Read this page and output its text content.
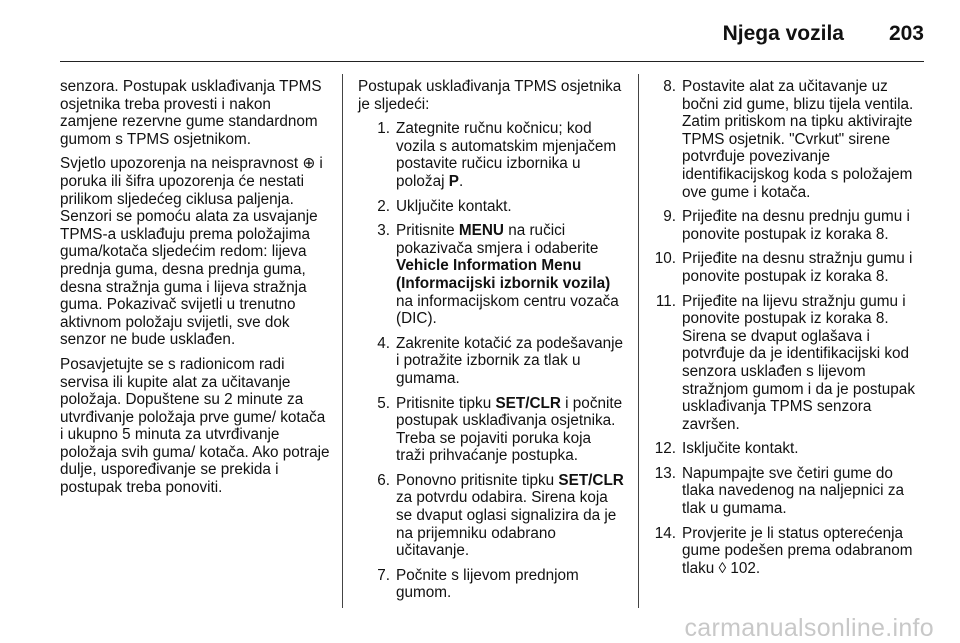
Njega vozila 203

senzora. Postupak usklađivanja TPMS osjetnika treba provesti i nakon zamjene rezervne gume standardnom gumom s TPMS osjetnikom.

Svjetlo upozorenja na neispravnost ⊕ i poruka ili šifra upozorenja će nestati prilikom sljedećeg ciklusa paljenja. Senzori se pomoću alata za usvajanje TPMS-a usklađuju prema položajima guma/kotača sljedećim redom: lijeva prednja guma, desna prednja guma, desna stražnja guma i lijeva stražnja guma. Pokazivač svijetli u trenutno aktivnom položaju svijetli, sve dok senzor ne bude usklađen.

Posavjetujte se s radionicom radi servisa ili kupite alat za učitavanje položaja. Dopuštene su 2 minute za utvrđivanje položaja prve gume/ kotača i ukupno 5 minuta za utvrđivanje položaja svih guma/ kotača. Ako potraje dulje, uspoređivanje se prekida i postupak treba ponoviti.

Postupak usklađivanja TPMS osjetnika je sljedeći:

1. Zategnite ručnu kočnicu; kod vozila s automatskim mjenjačem postavite ručicu izbornika u položaj P.
2. Uključite kontakt.
3. Pritisnite MENU na ručici pokazivača smjera i odaberite Vehicle Information Menu (Informacijski izbornik vozila) na informacijskom centru vozača (DIC).
4. Zakrenite kotačić za podešavanje i potražite izbornik za tlak u gumama.
5. Pritisnite tipku SET/CLR i počnite postupak usklađivanja osjetnika. Treba se pojaviti poruka koja traži prihvaćanje postupka.
6. Ponovno pritisnite tipku SET/CLR za potvrdu odabira. Sirena koja se dvaput oglasi signalizira da je na prijemniku odabrano učitavanje.
7. Počnite s lijevom prednjom gumom.
8. Postavite alat za učitavanje uz bočni zid gume, blizu tijela ventila. Zatim pritiskom na tipku aktivirajte TPMS osjetnik. "Cvrkut" sirene potvrđuje povezivanje identifikacijskog koda s položajem ove gume i kotača.
9. Prijeđite na desnu prednju gumu i ponovite postupak iz koraka 8.
10. Prijeđite na desnu stražnju gumu i ponovite postupak iz koraka 8.
11. Prijeđite na lijevu stražnju gumu i ponovite postupak iz koraka 8. Sirena se dvaput oglašava i potvrđuje da je identifikacijski kod senzora usklađen s lijevom stražnjom gumom i da je postupak usklađivanja TPMS senzora završen.
12. Isključite kontakt.
13. Napumpajte sve četiri gume do tlaka navedenog na naljepnici za tlak u gumama.
14. Provjerite je li status opterećenja gume podešen prema odabranom tlaku ◊ 102.
carmanualsonline.info
